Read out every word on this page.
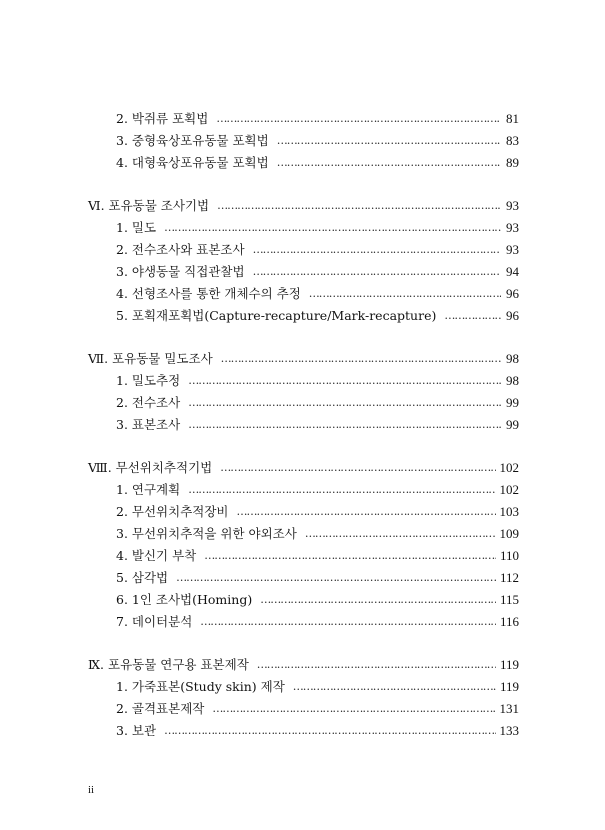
2. 박쥐류 포획법 ……………………………………………………………………………………………………………………………………………………………………………………………	81
3. 중형육상포유동물 포획법 ……………………………………………………………………………………………………………………………………………………………………………………………	83
4. 대형육상포유동물 포획법 ……………………………………………………………………………………………………………………………………………………………………………………………	89
Ⅵ. 포유동물 조사기법 ……………………………………………………………………………………………………………………………………………………………………………………………	93
1. 밀도 ……………………………………………………………………………………………………………………………………………………………………………………………	93
2. 전수조사와 표본조사 ……………………………………………………………………………………………………………………………………………………………………………………………	93
3. 야생동물 직접관찰법 ……………………………………………………………………………………………………………………………………………………………………………………………	94
4. 선형조사를 통한 개체수의 추정 ……………………………………………………………………………………………………………………………………………………………………………………………	96
5. 포획재포획법(Capture-recapture/Mark-recapture) ……………………………………………………………………………………………………………………………………………………………………………………………	96
Ⅶ. 포유동물 밀도조사 ……………………………………………………………………………………………………………………………………………………………………………………………	98
1. 밀도추정 ……………………………………………………………………………………………………………………………………………………………………………………………	98
2. 전수조사 ……………………………………………………………………………………………………………………………………………………………………………………………	99
3. 표본조사 ……………………………………………………………………………………………………………………………………………………………………………………………	99
Ⅷ. 무선위치추적기법 ……………………………………………………………………………………………………………………………………………………………………………………………	102
1. 연구계획 ……………………………………………………………………………………………………………………………………………………………………………………………	102
2. 무선위치추적장비 ……………………………………………………………………………………………………………………………………………………………………………………………	103
3. 무선위치추적을 위한 야외조사 ……………………………………………………………………………………………………………………………………………………………………………………………	109
4. 발신기 부착 ……………………………………………………………………………………………………………………………………………………………………………………………	110
5. 삼각법 ……………………………………………………………………………………………………………………………………………………………………………………………	112
6. 1인 조사법(Homing) ……………………………………………………………………………………………………………………………………………………………………………………………	115
7. 데이터분석 ……………………………………………………………………………………………………………………………………………………………………………………………	116
Ⅸ. 포유동물 연구용 표본제작 ……………………………………………………………………………………………………………………………………………………………………………………………	119
1. 가죽표본(Study skin) 제작 ……………………………………………………………………………………………………………………………………………………………………………………………	119
2. 골격표본제작 ……………………………………………………………………………………………………………………………………………………………………………………………	131
3. 보관 ……………………………………………………………………………………………………………………………………………………………………………………………	133
ii
